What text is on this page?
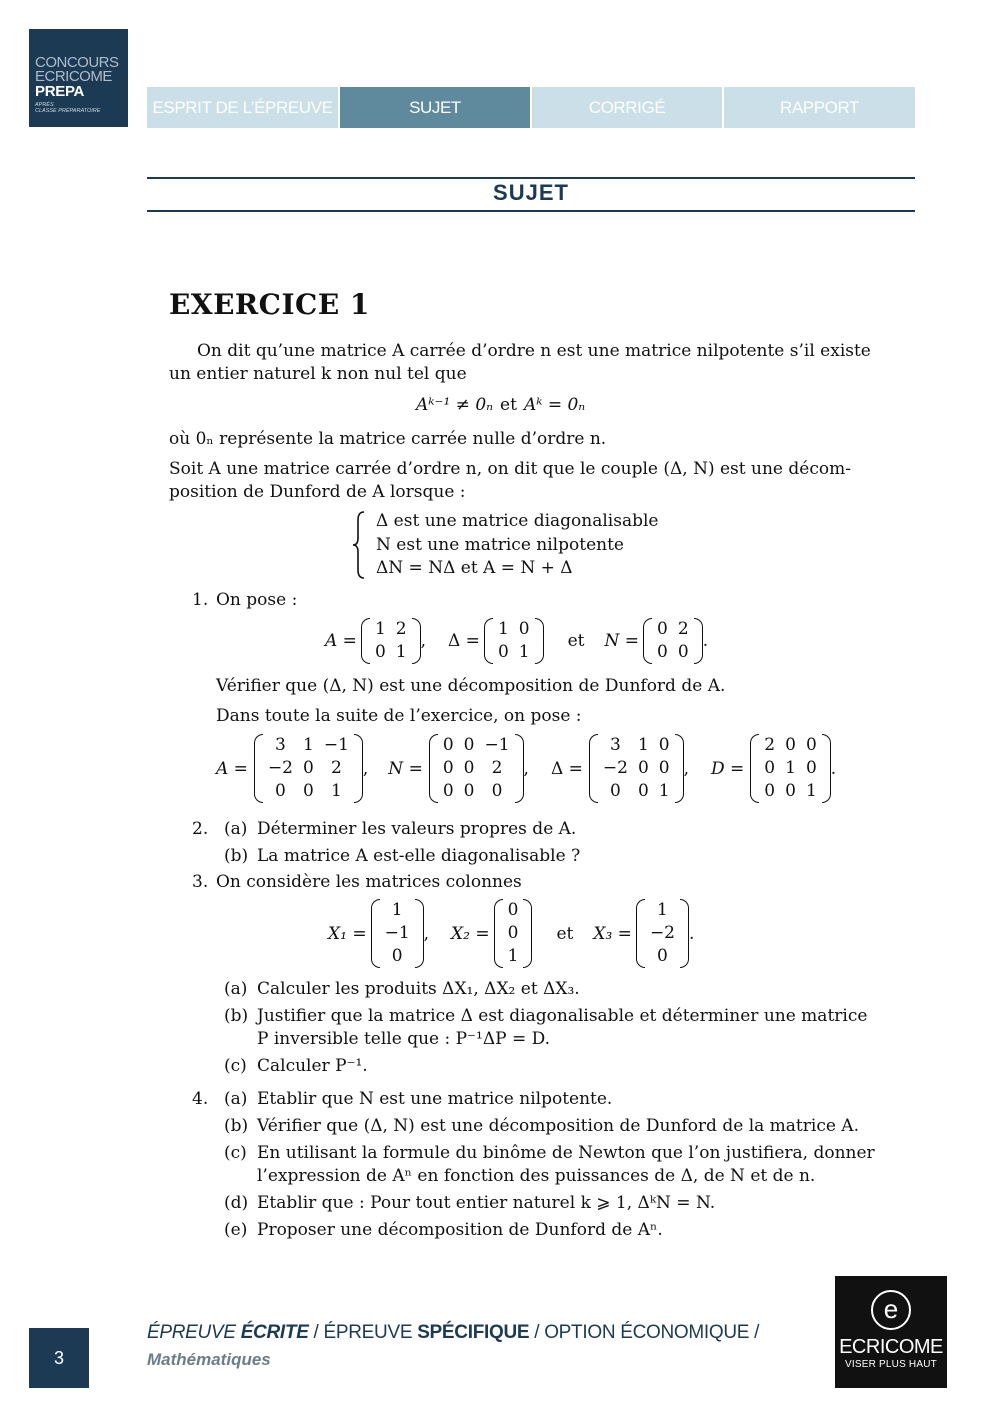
CONCOURS
ECRICOME
PREPA
APRÈS
CLASSE PRÉPARATOIRE	ESPRIT DE L’ÉPREUVE	SUJET	CORRIGÉ	RAPPORT
SUJET
EXERCICE 1
On dit qu’une matrice A carrée d’ordre n est une matrice nilpotente s’il existe
un entier naturel k non nul tel que
Aᵏ⁻¹ ≠ 0ₙ et Aᵏ = 0ₙ
où 0ₙ représente la matrice carrée nulle d’ordre n.
Soit A une matrice carrée d’ordre n, on dit que le couple (Δ, N) est une décom-
position de Dunford de A lorsque :
Δ est une matrice diagonalisable
N est une matrice nilpotente
ΔN = NΔ et A = N + Δ
1. On pose :
A =
1	2
0	1
, Δ =
1	0
0	1
et N =
0	2
0	0
.
Vérifier que (Δ, N) est une décomposition de Dunford de A.
Dans toute la suite de l’exercice, on pose :
A =
3	1	−1
−2	0	2
0	0	1
, N =
0	0	−1
0	0	2
0	0	0
, Δ =
3	1	0
−2	0	0
0	0	1
, D =
2	0	0
0	1	0
0	0	1
.
2. (a) Déterminer les valeurs propres de A.
(b) La matrice A est-elle diagonalisable ?
3. On considère les matrices colonnes
X₁ =
1
−1
0
, X₂ =
0
0
1
et X₃ =
1
−2
0
.
(a) Calculer les produits ΔX₁, ΔX₂ et ΔX₃.
(b) Justifier que la matrice Δ est diagonalisable et déterminer une matrice
P inversible telle que : P⁻¹ΔP = D.
(c) Calculer P⁻¹.
4. (a) Etablir que N est une matrice nilpotente.
(b) Vérifier que (Δ, N) est une décomposition de Dunford de la matrice A.
(c) En utilisant la formule du binôme de Newton que l’on justifiera, donner
l’expression de Aⁿ en fonction des puissances de Δ, de N et de n.
(d) Etablir que : Pour tout entier naturel k ⩾ 1, ΔᵏN = N.
(e) Proposer une décomposition de Dunford de Aⁿ.
3
ÉPREUVE ÉCRITE / ÉPREUVE SPÉCIFIQUE / OPTION ÉCONOMIQUE /
Mathématiques
e
ECRICOME
VISER PLUS HAUT
